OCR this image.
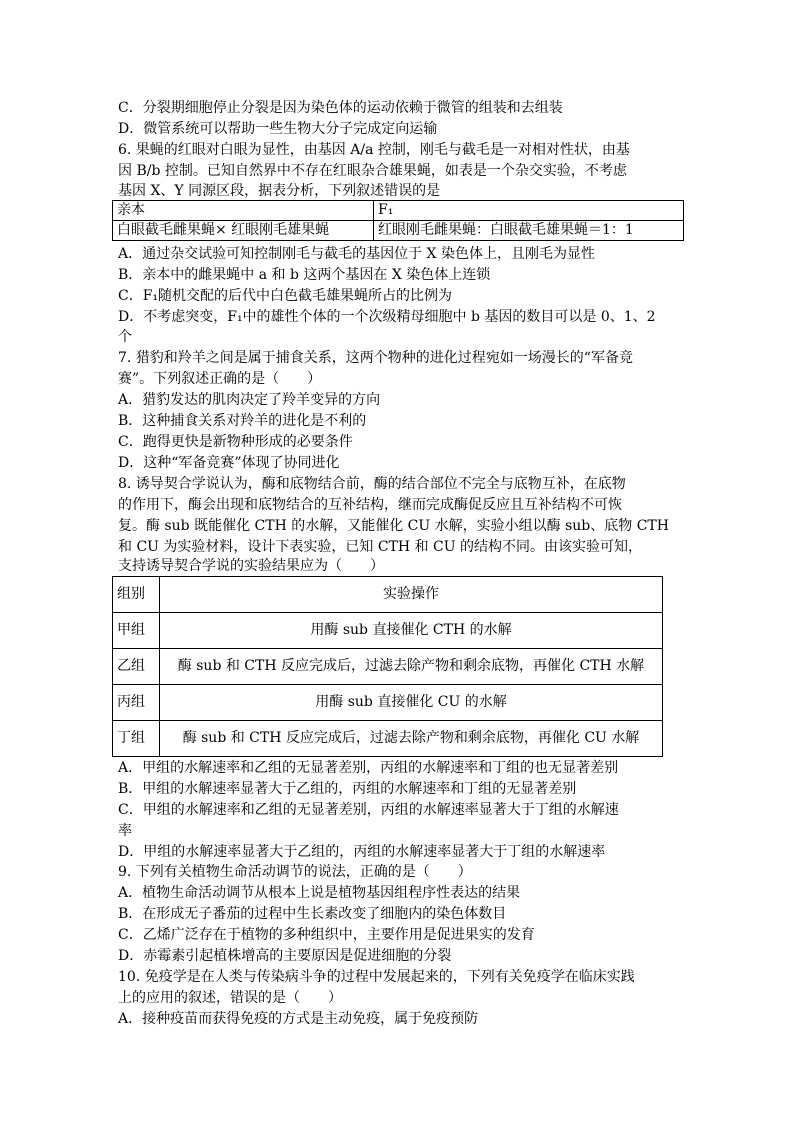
C．分裂期细胞停止分裂是因为染色体的运动依赖于微管的组装和去组装
D．微管系统可以帮助一些生物大分子完成定向运输
6. 果蝇的红眼对白眼为显性，由基因 A/a 控制，刚毛与截毛是一对相对性状，由基
因 B/b 控制。已知自然界中不存在红眼杂合雄果蝇，如表是一个杂交实验，不考虑
基因 X、Y 同源区段，据表分析，下列叙述错误的是
亲本	F₁
白眼截毛雌果蝇× 红眼刚毛雄果蝇	红眼刚毛雌果蝇：白眼截毛雄果蝇＝1：1
A．通过杂交试验可知控制刚毛与截毛的基因位于 X 染色体上，且刚毛为显性
B．亲本中的雌果蝇中 a 和 b 这两个基因在 X 染色体上连锁
C．F₁随机交配的后代中白色截毛雄果蝇所占的比例为
D．不考虑突变，F₁中的雄性个体的一个次级精母细胞中 b 基因的数目可以是 0、1、2
个
7. 猎豹和羚羊之间是属于捕食关系，这两个物种的进化过程宛如一场漫长的“军备竞
赛”。下列叙述正确的是（　　）
A．猎豹发达的肌肉决定了羚羊变异的方向
B．这种捕食关系对羚羊的进化是不利的
C．跑得更快是新物种形成的必要条件
D．这种“军备竞赛”体现了协同进化
8. 诱导契合学说认为，酶和底物结合前，酶的结合部位不完全与底物互补，在底物
的作用下，酶会出现和底物结合的互补结构，继而完成酶促反应且互补结构不可恢
复。酶 sub 既能催化 CTH 的水解，又能催化 CU 水解，实验小组以酶 sub、底物 CTH
和 CU 为实验材料，设计下表实验，已知 CTH 和 CU 的结构不同。由该实验可知，
支持诱导契合学说的实验结果应为（　　）
组别	实验操作
甲组	用酶 sub 直接催化 CTH 的水解
乙组	酶 sub 和 CTH 反应完成后，过滤去除产物和剩余底物，再催化 CTH 水解
丙组	用酶 sub 直接催化 CU 的水解
丁组	酶 sub 和 CTH 反应完成后，过滤去除产物和剩余底物，再催化 CU 水解
A．甲组的水解速率和乙组的无显著差别，丙组的水解速率和丁组的也无显著差别
B．甲组的水解速率显著大于乙组的，丙组的水解速率和丁组的无显著差别
C．甲组的水解速率和乙组的无显著差别，丙组的水解速率显著大于丁组的水解速
率
D．甲组的水解速率显著大于乙组的，丙组的水解速率显著大于丁组的水解速率
9. 下列有关植物生命活动调节的说法，正确的是（　　）
A．植物生命活动调节从根本上说是植物基因组程序性表达的结果
B．在形成无子番茄的过程中生长素改变了细胞内的染色体数目
C．乙烯广泛存在于植物的多种组织中，主要作用是促进果实的发育
D．赤霉素引起植株增高的主要原因是促进细胞的分裂
10. 免疫学是在人类与传染病斗争的过程中发展起来的，下列有关免疫学在临床实践
上的应用的叙述，错误的是（　　）
A．接种疫苗而获得免疫的方式是主动免疫，属于免疫预防
